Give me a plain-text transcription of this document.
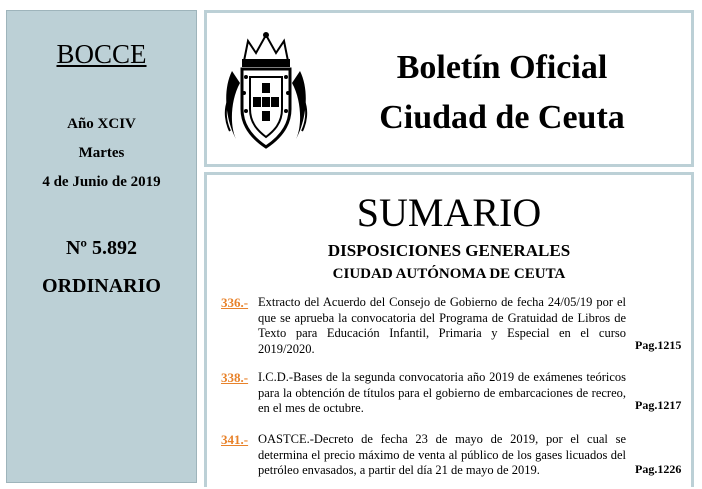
BOCCE
Año XCIV
Martes
4 de Junio de 2019
Nº 5.892
ORDINARIO
Boletín Oficial
Ciudad de Ceuta
SUMARIO
DISPOSICIONES GENERALES
CIUDAD AUTÓNOMA DE CEUTA
336.- Extracto del Acuerdo del Consejo de Gobierno de fecha 24/05/19 por el que se aprueba la convocatoria del Programa de Gratuidad de Libros de Texto para Educación Infantil, Primaria y Especial en el curso 2019/2020.	Pag.1215
338.- I.C.D.-Bases de la segunda convocatoria año 2019 de exámenes teóricos para la obtención de títulos para el gobierno de embarcaciones de recreo, en el mes de octubre.	Pag.1217
341.- OASTCE.-Decreto de fecha 23 de mayo de 2019, por el cual se determina el precio máximo de venta al público de los gases licuados del petróleo envasados, a partir del día 21 de mayo de 2019.	Pag.1226
